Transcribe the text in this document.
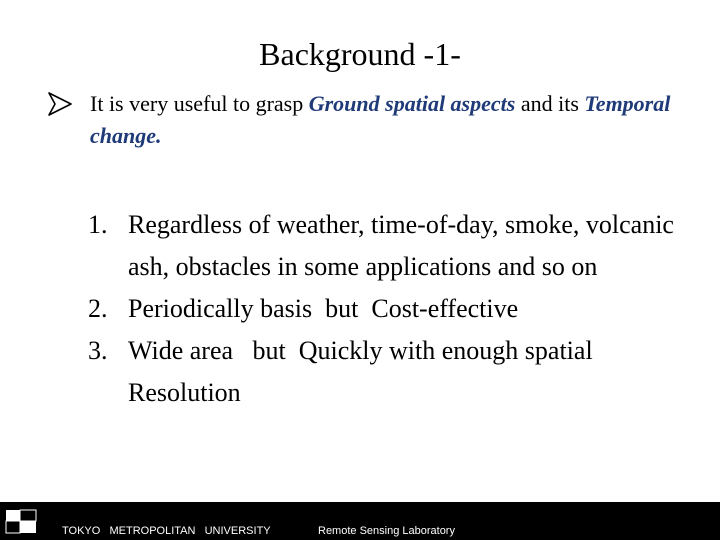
Background -1-
It is very useful to grasp Ground spatial aspects and its Temporal change.
1. Regardless of weather, time-of-day, smoke, volcanic ash, obstacles in some applications and so on
2. Periodically basis  but  Cost-effective
3. Wide area   but  Quickly with enough spatial Resolution
TOKYO   METROPOLITAN   UNIVERSITY	Remote Sensing Laboratory
